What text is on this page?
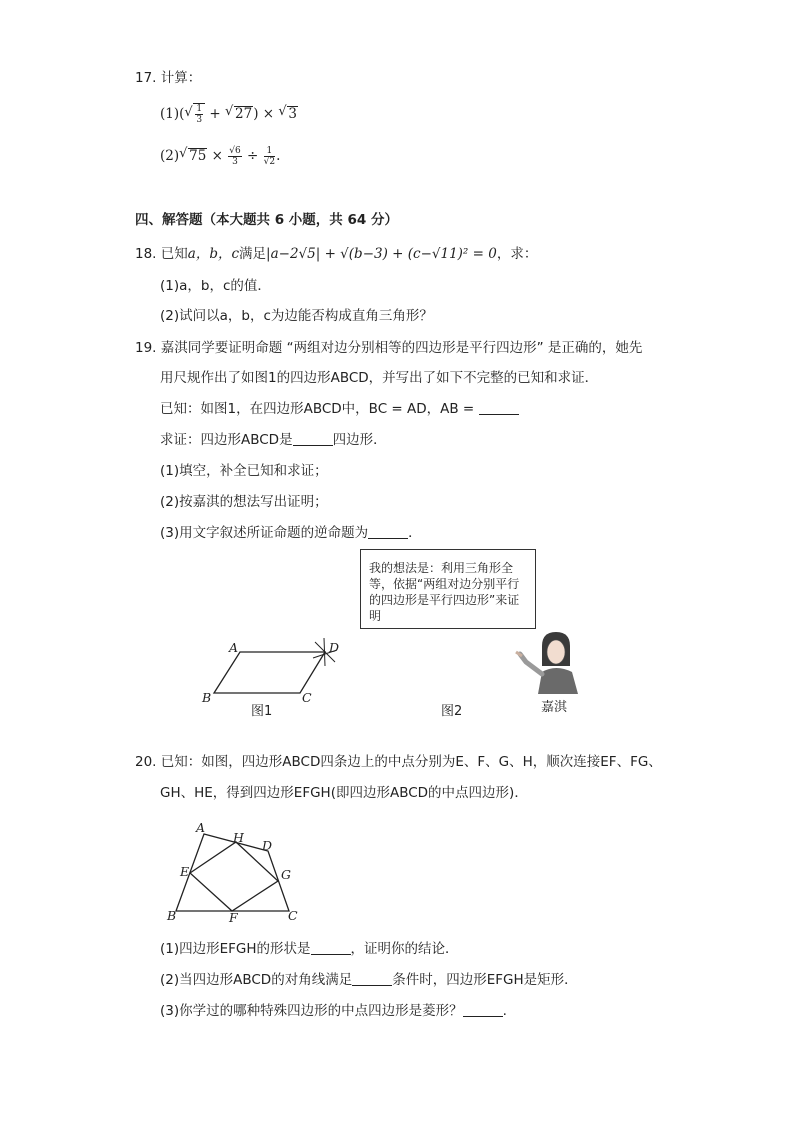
17. 计算：
(1)( √ $\frac{1}{3}$ + √ 27) × √ 3
(2) √ $75 \times \frac{√6}{3} \div \frac{1}{√2}$ .
四、解答题（本大题共 6 小题，共 64 分）
18. 已知a，b，c满足|a−2√5| + √(b−3) + (c−√11)² = 0，求：
(1)a，b，c的值．
(2)试问以a，b，c为边能否构成直角三角形？
19. 嘉淇同学要证明命题 “两组对边分别相等的四边形是平行四边形” 是正确的，她先
用尺规作出了如图1的四边形ABCD，并写出了如下不完整的已知和求证．
已知：如图1，在四边形ABCD中，BC = AD，AB =
求证：四边形ABCD是	四边形．
(1)填空，补全已知和求证；
(2)按嘉淇的想法写出证明；
(3)用文字叙述所证命题的逆命题为	．
我的想法是：利用三角形全等，依据“两组对边分别平行的四边形是平行四边形”来证明
A	D
B	C
图1	图2	嘉淇
20. 已知：如图，四边形ABCD四条边上的中点分别为E、F、G、H，顺次连接EF、FG、
GH、HE，得到四边形EFGH(即四边形ABCD的中点四边形)．
A
H
D
E	G
B	F	C
(1)四边形EFGH的形状是	，证明你的结论．
(2)当四边形ABCD的对角线满足	条件时，四边形EFGH是矩形．
(3)你学过的哪种特殊四边形的中点四边形是菱形？	.
